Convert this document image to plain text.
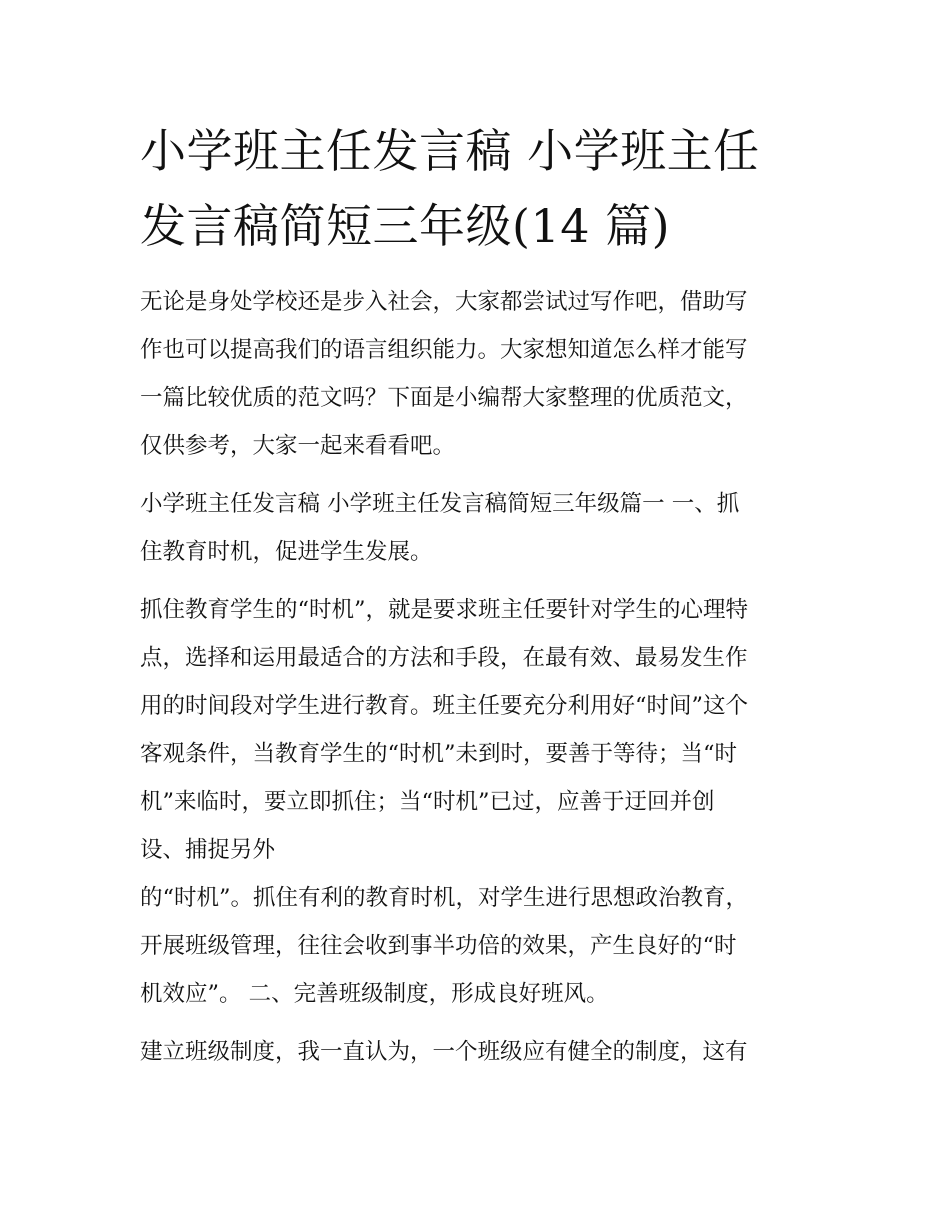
小学班主任发言稿 小学班主任
发言稿简短三年级(14 篇)
无论是身处学校还是步入社会，大家都尝试过写作吧，借助写
作也可以提高我们的语言组织能力。大家想知道怎么样才能写
一篇比较优质的范文吗？下面是小编帮大家整理的优质范文，
仅供参考，大家一起来看看吧。
小学班主任发言稿 小学班主任发言稿简短三年级篇一 一、抓
住教育时机，促进学生发展。
抓住教育学生的“时机”，就是要求班主任要针对学生的心理特
点，选择和运用最适合的方法和手段，在最有效、最易发生作
用的时间段对学生进行教育。班主任要充分利用好“时间”这个
客观条件，当教育学生的“时机”未到时，要善于等待；当“时
机”来临时，要立即抓住；当“时机”已过，应善于迂回并创
设、捕捉另外
的“时机”。抓住有利的教育时机，对学生进行思想政治教育，
开展班级管理，往往会收到事半功倍的效果，产生良好的“时
机效应”。 二、完善班级制度，形成良好班风。
建立班级制度，我一直认为，一个班级应有健全的制度，这有
